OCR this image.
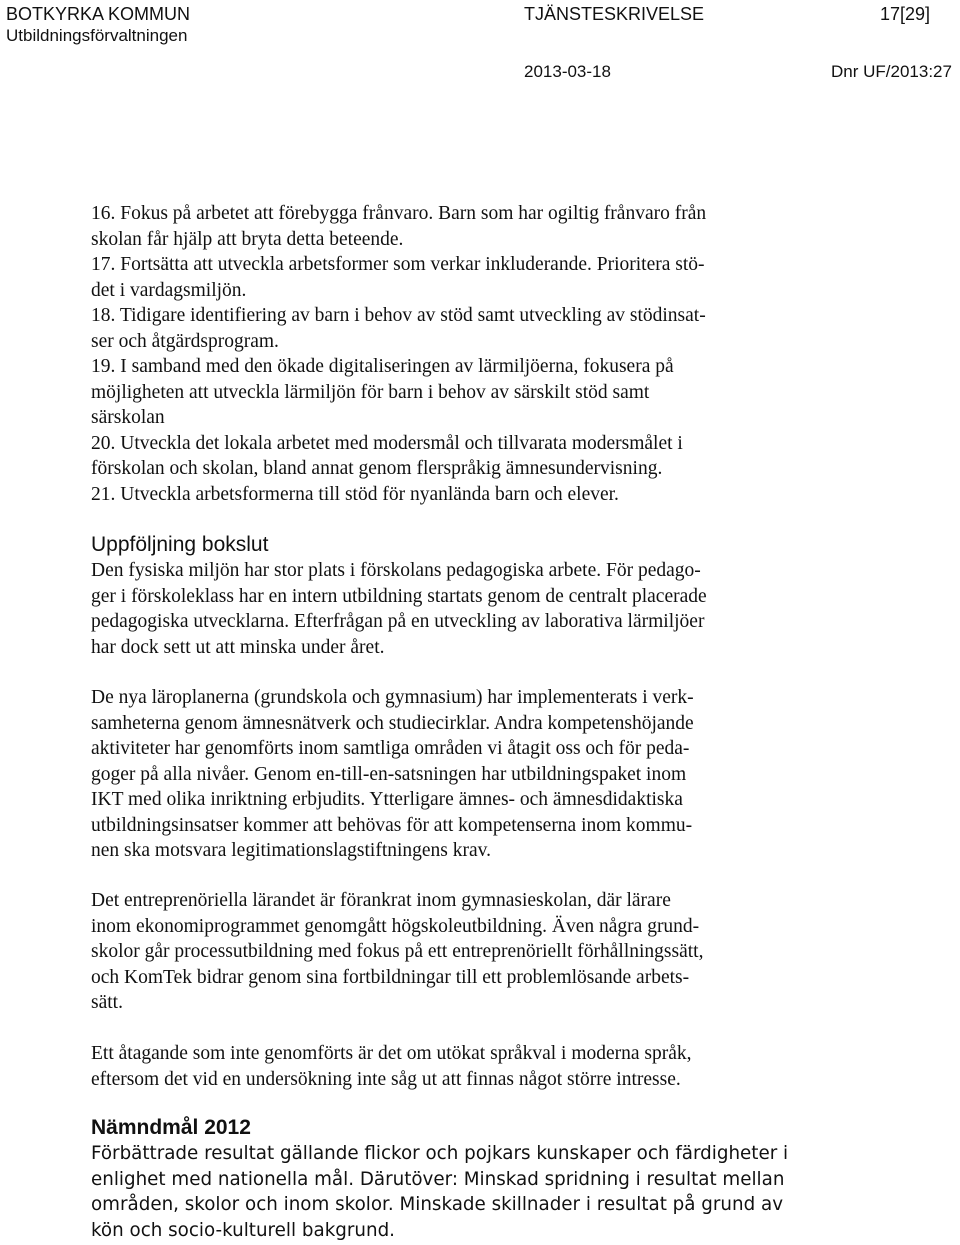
BOTKYRKA KOMMUN
Utbildningsförvaltningen
TJÄNSTESKRIVELSE	17[29]
2013-03-18	Dnr UF/2013:27

16. Fokus på arbetet att förebygga frånvaro. Barn som har ogiltig frånvaro från

skolan får hjälp att bryta detta beteende.

17. Fortsätta att utveckla arbetsformer som verkar inkluderande. Prioritera stö-

det i vardagsmiljön.

18. Tidigare identifiering av barn i behov av stöd samt utveckling av stödinsat-

ser och åtgärdsprogram.

19. I samband med den ökade digitaliseringen av lärmiljöerna, fokusera på

möjligheten att utveckla lärmiljön för barn i behov av särskilt stöd samt

särskolan

20. Utveckla det lokala arbetet med modersmål och tillvarata modersmålet i

förskolan och skolan, bland annat genom flerspråkig ämnesundervisning.

21. Utveckla arbetsformerna till stöd för nyanlända barn och elever.

Uppföljning bokslut

Den fysiska miljön har stor plats i förskolans pedagogiska arbete. För pedago-

ger i förskoleklass har en intern utbildning startats genom de centralt placerade

pedagogiska utvecklarna. Efterfrågan på en utveckling av laborativa lärmiljöer

har dock sett ut att minska under året.

De nya läroplanerna (grundskola och gymnasium) har implementerats i verk-

samheterna genom ämnesnätverk och studiecirklar. Andra kompetenshöjande

aktiviteter har genomförts inom samtliga områden vi åtagit oss och för peda-

goger på alla nivåer. Genom en-till-en-satsningen har utbildningspaket inom

IKT med olika inriktning erbjudits. Ytterligare ämnes- och ämnesdidaktiska

utbildningsinsatser kommer att behövas för att kompetenserna inom kommu-

nen ska motsvara legitimationslagstiftningens krav.

Det entreprenöriella lärandet är förankrat inom gymnasieskolan, där lärare

inom ekonomiprogrammet genomgått högskoleutbildning. Även några grund-

skolor går processutbildning med fokus på ett entreprenöriellt förhållningssätt,

och KomTek bidrar genom sina fortbildningar till ett problemlösande arbets-

sätt.

Ett åtagande som inte genomförts är det om utökat språkval i moderna språk,

eftersom det vid en undersökning inte såg ut att finnas något större intresse.

Nämndmål 2012

Förbättrade resultat gällande flickor och pojkars kunskaper och färdigheter i

enlighet med nationella mål. Därutöver: Minskad spridning i resultat mellan

områden, skolor och inom skolor. Minskade skillnader i resultat på grund av

kön och socio-kulturell bakgrund.
